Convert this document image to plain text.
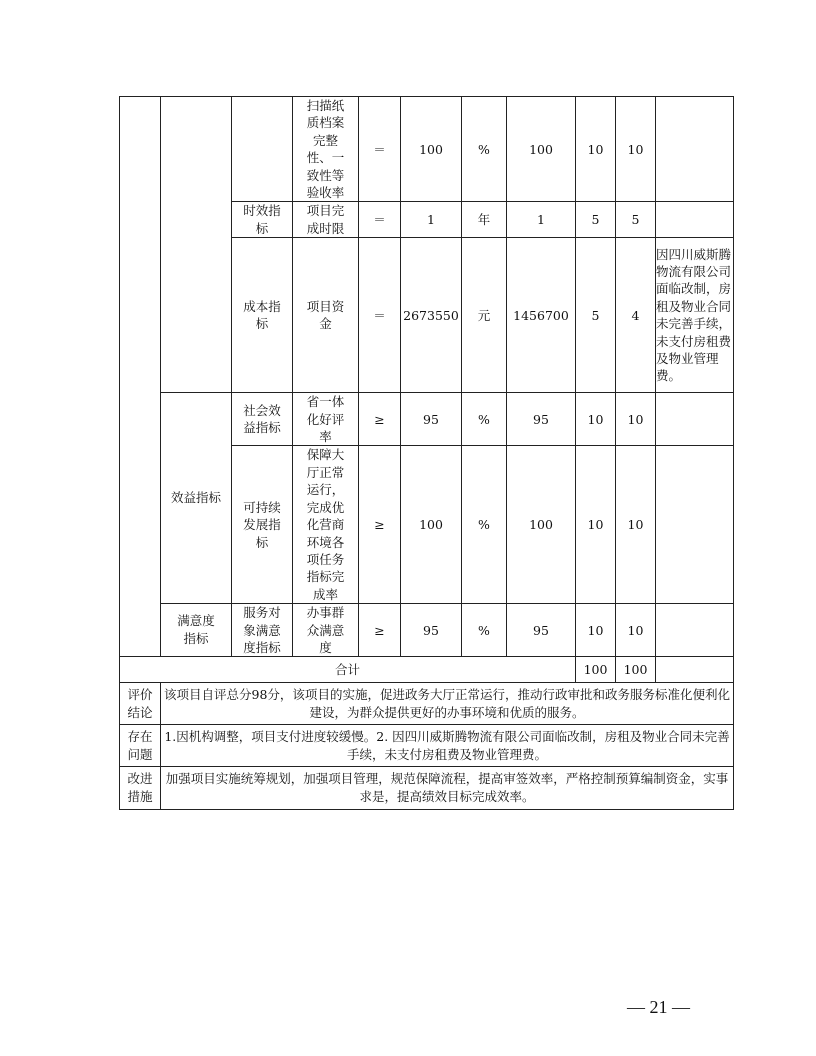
			扫描纸质档案完整性、一致性等验收率	＝	100	%	100	10	10	

		时效指标	项目完成时限	＝	1	年	1	5	5	

		成本指标	项目资金	＝	2673550	元	1456700	5	4	因四川威斯腾物流有限公司面临改制，房租及物业合同未完善手续，未支付房租费及物业管理费。

	效益指标	社会效益指标	省一体化好评率	≥	95	%	95	10	10	

		可持续发展指标	保障大厅正常运行，完成优化营商环境各项任务指标完成率	≥	100	%	100	10	10	

	满意度指标	服务对象满意度指标	办事群众满意度	≥	95	%	95	10	10	

合计								100	100	
评价结论	该项目自评总分98分，该项目的实施，促进政务大厅正常运行，推动行政审批和政务服务标准化便利化建设，为群众提供更好的办事环境和优质的服务。									
存在问题	1.因机构调整，项目支付进度较缓慢。2. 因四川威斯腾物流有限公司面临改制，房租及物业合同未完善手续，未支付房租费及物业管理费。									
改进措施	加强项目实施统筹规划，加强项目管理，规范保障流程，提高审签效率，严格控制预算编制资金，实事求是，提高绩效目标完成效率。									
— 21 —
